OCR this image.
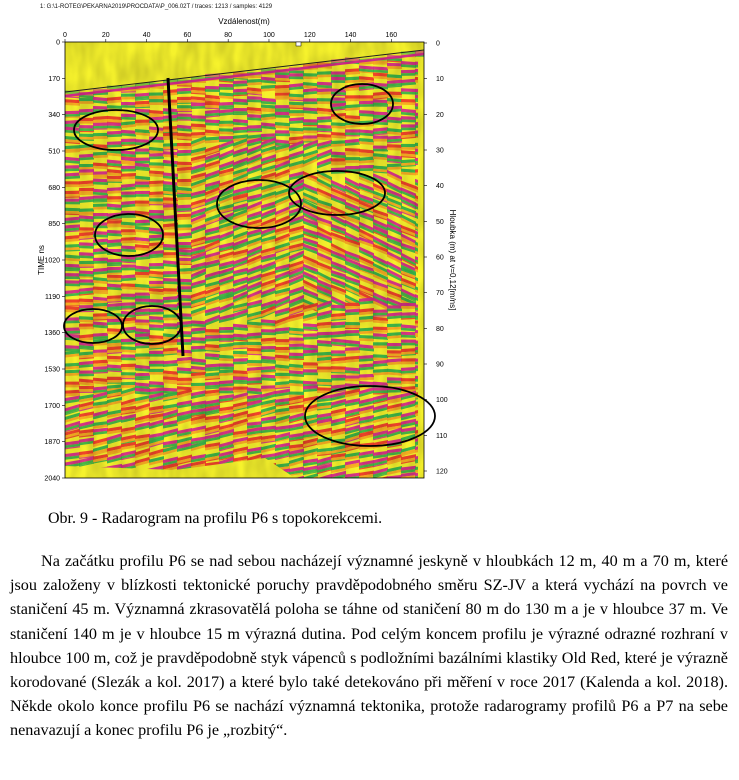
1: G:\1-ROTEG\PEKARNA2019\PROCDATA\P_006.02T / traces: 1213 / samples: 4129
0	20	40	60	80	100	120	140	160
0
170
340
510
680
850
1020
1190
1360
1530
1700
1870
2040
0
10
20
30
40
50
60
70
80
90
100
110
120
Vzdálenost(m)
TIME ns	Hloubka (m) at v=0,12[m/ns]
Obr. 9 - Radarogram na profilu P6 s topokorekcemi.

Na začátku profilu P6 se nad sebou nacházejí významné jeskyně v hloubkách 12 m, 40 m a 70 m, které jsou založeny v blízkosti tektonické poruchy pravděpodobného směru SZ-JV a která vychází na povrch ve staničení 45 m. Významná zkrasovatělá poloha se táhne od staničení 80 m do 130 m a je v hloubce 37 m. Ve staničení 140 m je v hloubce 15 m výrazná dutina. Pod celým koncem profilu je výrazné odrazné rozhraní v hloubce 100 m, což je pravděpodobně styk vápenců s podložními bazálními klastiky Old Red, které je výrazně korodované (Slezák a kol. 2017) a které bylo také detekováno při měření v roce 2017 (Kalenda a kol. 2018). Někde okolo konce profilu P6 se nachází významná tektonika, protože radarogramy profilů P6 a P7 na sebe nenavazují a konec profilu P6 je „rozbitý“.
